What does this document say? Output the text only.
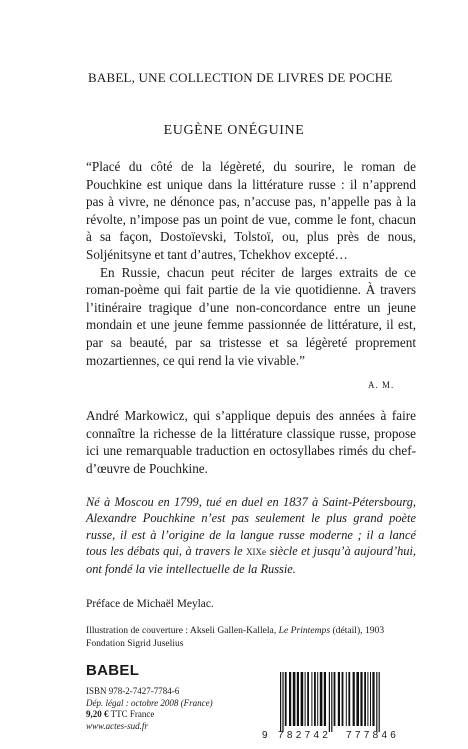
BABEL, UNE COLLECTION DE LIVRES DE POCHE
EUGÈNE ONÉGUINE

“Placé du côté de la légèreté, du sourire, le roman de Pouchkine est unique dans la littérature russe : il n’apprend pas à vivre, ne dénonce pas, n’accuse pas, n’appelle pas à la révolte, n’impose pas un point de vue, comme le font, chacun à sa façon, Dostoïevski, Tolstoï, ou, plus près de nous, Soljénitsyne et tant d’autres, Tchekhov excepté…

En Russie, chacun peut réciter de larges extraits de ce roman-poème qui fait partie de la vie quotidienne. À travers l’itinéraire tragique d’une non-concordance entre un jeune mondain et une jeune femme passionnée de littérature, il est, par sa beauté, par sa tristesse et sa légèreté proprement mozartiennes, ce qui rend la vie vivable.”

A. M.
André Markowicz, qui s’applique depuis des années à faire connaître la richesse de la littérature classique russe, propose ici une remarquable traduction en octosyllabes rimés du chef-d’œuvre de Pouchkine.
Né à Moscou en 1799, tué en duel en 1837 à Saint-Pétersbourg, Alexandre Pouchkine n’est pas seulement le plus grand poète russe, il est à l’origine de la langue russe moderne ; il a lancé tous les débats qui, à travers le XIXe siècle et jusqu’à aujourd’hui, ont fondé la vie intellectuelle de la Russie.
Préface de Michaël Meylac.
Illustration de couverture : Akseli Gallen-Kallela, Le Printemps (détail), 1903
Fondation Sigrid Juselius
BABEL
ISBN 978-2-7427-7784-6
Dép. légal : octobre 2008 (France)
9,20 € TTC France
www.actes-sud.fr
9 782742 777846
